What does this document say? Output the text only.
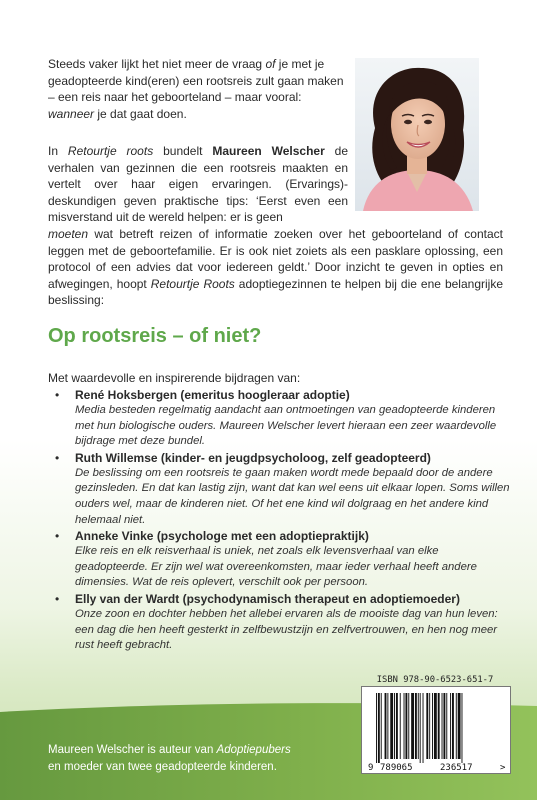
Steeds vaker lijkt het niet meer de vraag of je met je geadopteerde kind(eren) een rootsreis zult gaan maken – een reis naar het geboorteland – maar vooral: wanneer je dat gaat doen.
In Retourtje roots bundelt Maureen Welscher de verhalen van gezinnen die een rootsreis maakten en vertelt over haar eigen ervaringen. (Ervarings)-deskundigen geven praktische tips: ‘Eerst even een misverstand uit de wereld helpen: er is geen
moeten wat betreft reizen of informatie zoeken over het geboorteland of contact leggen met de geboortefamilie. Er is ook niet zoiets als een pasklare oplossing, een protocol of een advies dat voor iedereen geldt.’ Door inzicht te geven in opties en afwegingen, hoopt Retourtje Roots adoptiegezinnen te helpen bij die ene belangrijke beslissing:
Op rootsreis – of niet?
Met waardevolle en inspirerende bijdragen van:
• René Hoksbergen (emeritus hoogleraar adoptie)
Media besteden regelmatig aandacht aan ontmoetingen van geadopteerde kinderen met hun biologische ouders. Maureen Welscher levert hieraan een zeer waardevolle bijdrage met deze bundel.
• Ruth Willemse (kinder- en jeugdpsycholoog, zelf geadopteerd)
De beslissing om een rootsreis te gaan maken wordt mede bepaald door de andere gezinsleden. En dat kan lastig zijn, want dat kan wel eens uit elkaar lopen. Soms willen ouders wel, maar de kinderen niet. Of het ene kind wil dolgraag en het andere kind helemaal niet.
• Anneke Vinke (psychologe met een adoptiepraktijk)
Elke reis en elk reisverhaal is uniek, net zoals elk levensverhaal van elke geadopteerde. Er zijn wel wat overeenkomsten, maar ieder verhaal heeft andere dimensies. Wat de reis oplevert, verschilt ook per persoon.
• Elly van der Wardt (psychodynamisch therapeut en adoptiemoeder)
Onze zoon en dochter hebben het allebei ervaren als de mooiste dag van hun leven: een dag die hen heeft gesterkt in zelfbewustzijn en zelfvertrouwen, en hen nog meer rust heeft gebracht.
ISBN 978-90-6523-651-7
9 789065	236517	>
Maureen Welscher is auteur van Adoptiepubers
en moeder van twee geadopteerde kinderen.
